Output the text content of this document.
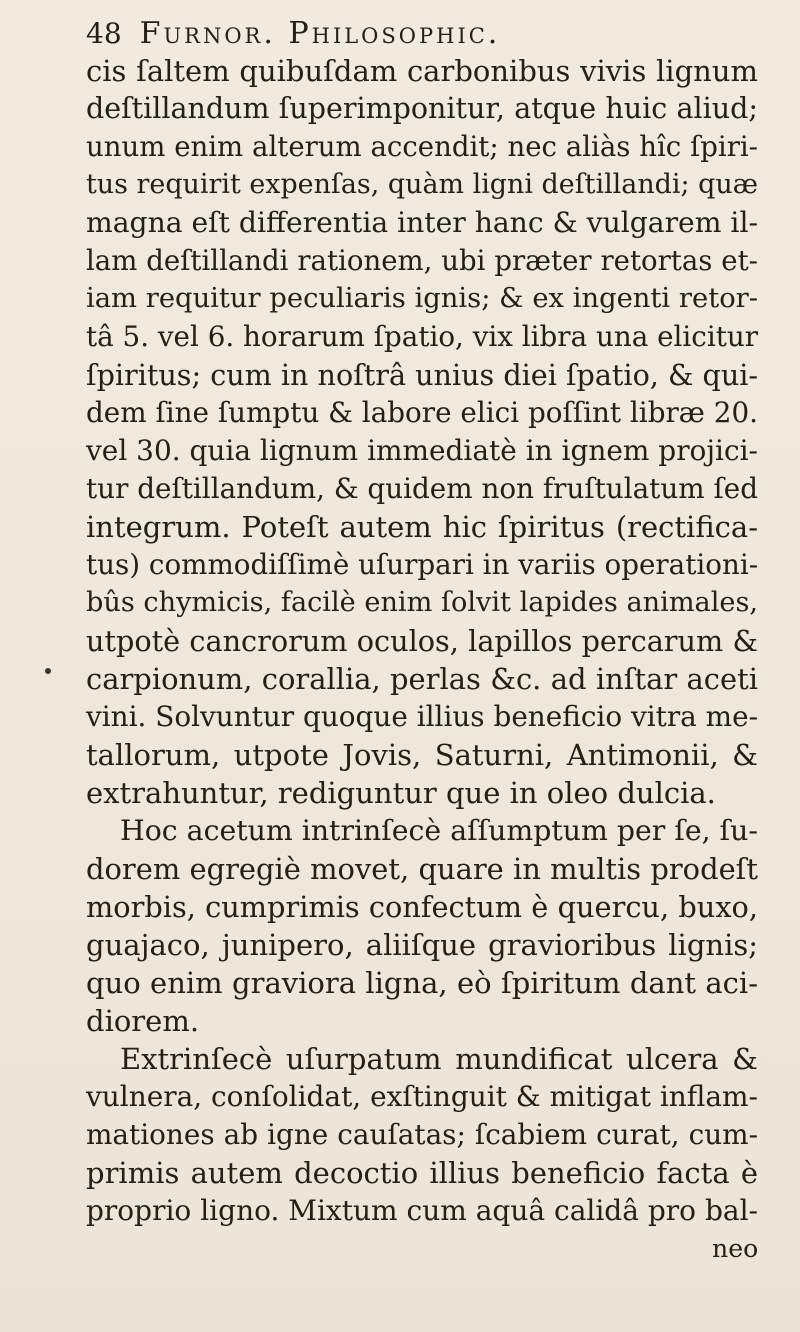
48 Furnor. Philosophic.
cis ſaltem quibuſdam carbonibus vivis lignum
deſtillandum ſuperimponitur, atque huic aliud;
unum enim alterum accendit; nec aliàs hîc ſpiri-
tus requirit expenſas, quàm ligni deſtillandi; quæ
magna eſt differentia inter hanc & vulgarem il-
lam deſtillandi rationem, ubi præter retortas et-
iam requitur peculiaris ignis; & ex ingenti retor-
tâ 5. vel 6. horarum ſpatio, vix libra una elicitur
ſpiritus; cum in noſtrâ unius diei ſpatio, & qui-
dem ſine ſumptu & labore elici poſſint libræ 20.
vel 30. quia lignum immediatè in ignem projici-
tur deſtillandum, & quidem non fruſtulatum ſed
integrum. Poteſt autem hic ſpiritus (rectifica-
tus) commodiſſimè uſurpari in variis operationi-
bûs chymicis, facilè enim ſolvit lapides animales,
utpotè cancrorum oculos, lapillos percarum &
carpionum, corallia, perlas &c. ad inſtar aceti
vini. Solvuntur quoque illius beneficio vitra me-
tallorum, utpote Jovis, Saturni, Antimonii, &
extrahuntur, rediguntur que in oleo dulcia.
Hoc acetum intrinſecè aſſumptum per ſe, ſu-
dorem egregiè movet, quare in multis prodeſt
morbis, cumprimis confectum è quercu, buxo,
guajaco, junipero, aliiſque gravioribus lignis;
quo enim graviora ligna, eò ſpiritum dant aci-
diorem.
Extrinſecè uſurpatum mundificat ulcera &
vulnera, conſolidat, exſtinguit & mitigat inflam-
mationes ab igne cauſatas; ſcabiem curat, cum-
primis autem decoctio illius beneficio facta è
proprio ligno. Mixtum cum aquâ calidâ pro bal-
neo
